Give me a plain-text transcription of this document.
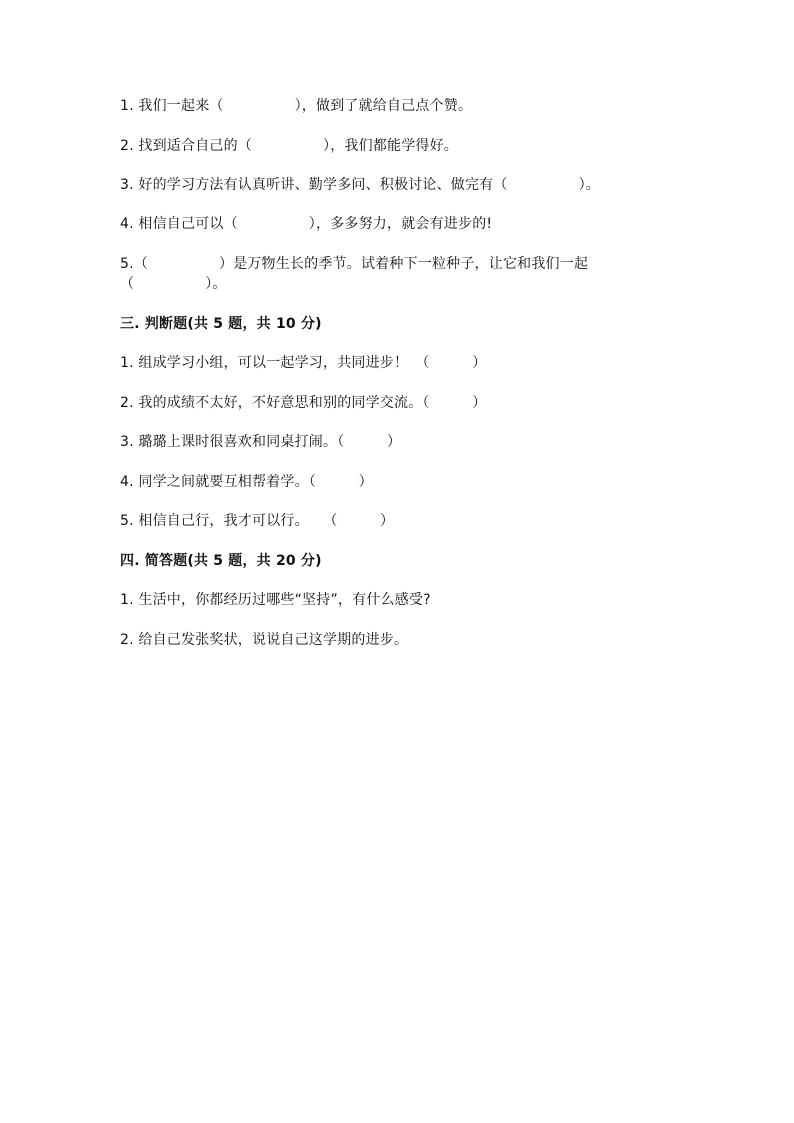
1. 我们一起来（　　　　　），做到了就给自己点个赞。
2. 找到适合自己的（　　　　　），我们都能学得好。
3. 好的学习方法有认真听讲、勤学多问、积极讨论、做完有（　　　　　）。
4. 相信自己可以（　　　　　），多多努力，就会有进步的!
5.（　　　　　）是万物生长的季节。试着种下一粒种子，让它和我们一起
（　　　　　）。
三. 判断题(共 5 题，共 10 分)
1. 组成学习小组，可以一起学习，共同进步！　（　　　）
2. 我的成绩不太好，不好意思和别的同学交流。（　　　）
3. 璐璐上课时很喜欢和同桌打闹。（　　　）
4. 同学之间就要互相帮着学。（　　　）
5. 相信自己行，我才可以行。　　（　　　）
四. 简答题(共 5 题，共 20 分)
1. 生活中，你都经历过哪些“坚持”，有什么感受?
2. 给自己发张奖状，说说自己这学期的进步。
